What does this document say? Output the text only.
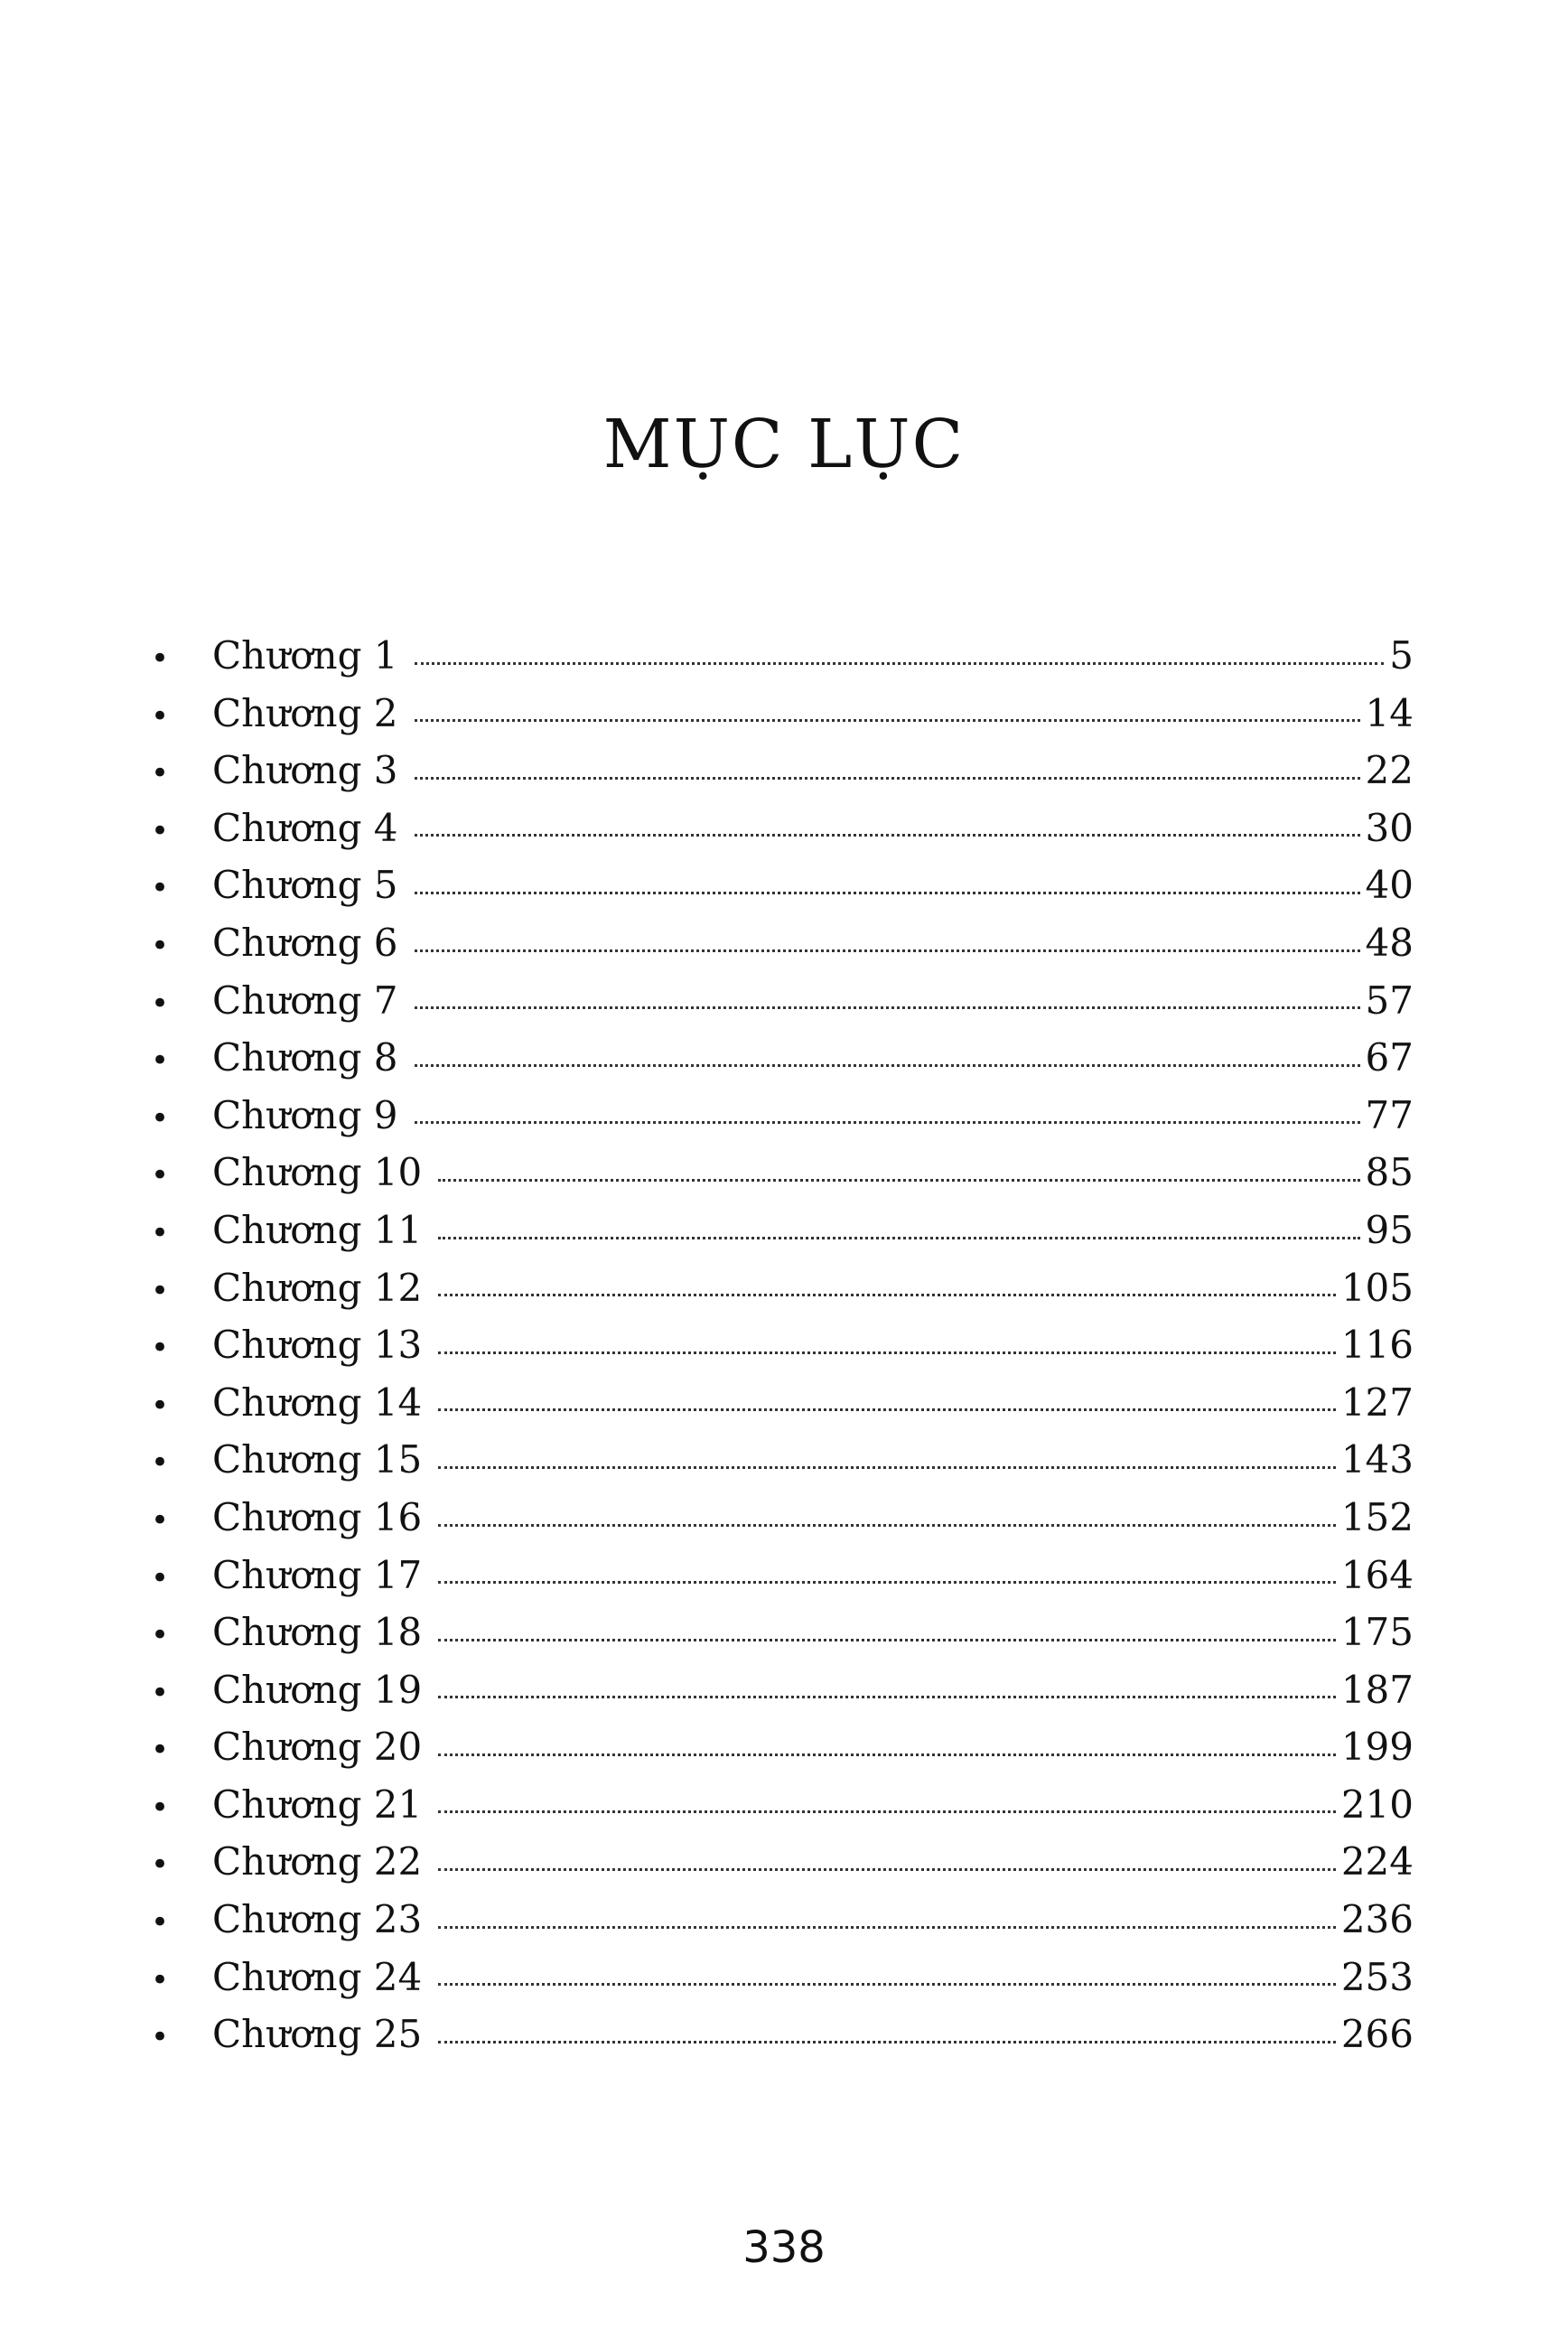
MỤC LỤC
•	Chương 1	5
•	Chương 2	14
•	Chương 3	22
•	Chương 4	30
•	Chương 5	40
•	Chương 6	48
•	Chương 7	57
•	Chương 8	67
•	Chương 9	77
•	Chương 10	85
•	Chương 11	95
•	Chương 12	105
•	Chương 13	116
•	Chương 14	127
•	Chương 15	143
•	Chương 16	152
•	Chương 17	164
•	Chương 18	175
•	Chương 19	187
•	Chương 20	199
•	Chương 21	210
•	Chương 22	224
•	Chương 23	236
•	Chương 24	253
•	Chương 25	266
338
